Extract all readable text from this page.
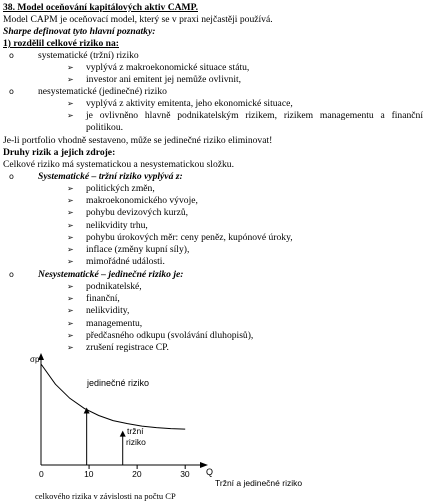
38. Model oceňování kapitálových aktiv CAMP.
Model CAPM je oceňovací model, který se v praxi nejčastěji používá.
Sharpe definovat tyto hlavní poznatky:
1) rozdělil celkové riziko na:
o	systematické (tržní) riziko
➢ vyplývá z makroekonomické situace státu,
➢ investor ani emitent jej nemůže ovlivnit,
o	nesystematické (jedinečné) riziko
➢ vyplývá z aktivity emitenta, jeho ekonomické situace,
➢ je ovlivněno hlavně podnikatelským rizikem, rizikem managementu a finanční
politikou.
Je-li portfolio vhodně sestaveno, může se jedinečné riziko eliminovat!
Druhy rizik a jejich zdroje:
Celkové riziko má systematickou a nesystematickou složku.
o	Systematické – tržní riziko vyplývá z:
➢ politických změn,
➢ makroekonomického vývoje,
➢ pohybu devizových kurzů,
➢ nelikvidity trhu,
➢ pohybu úrokových měr: ceny peněz, kupónové úroky,
➢ inflace (změny kupní síly),
➢ mimořádné události.
o	Nesystematické – jedinečné riziko je:
➢ podnikatelské,
➢ finanční,
➢ nelikvidity,
➢ managementu,
➢ předčasného odkupu (svolávání dluhopisů),
➢ zrušení registrace CP.
σp
Q
0	10	20	30
jedinečné riziko
tržní
riziko
Tržní a jedinečné riziko
celkového rizika v závislosti na počtu CP
